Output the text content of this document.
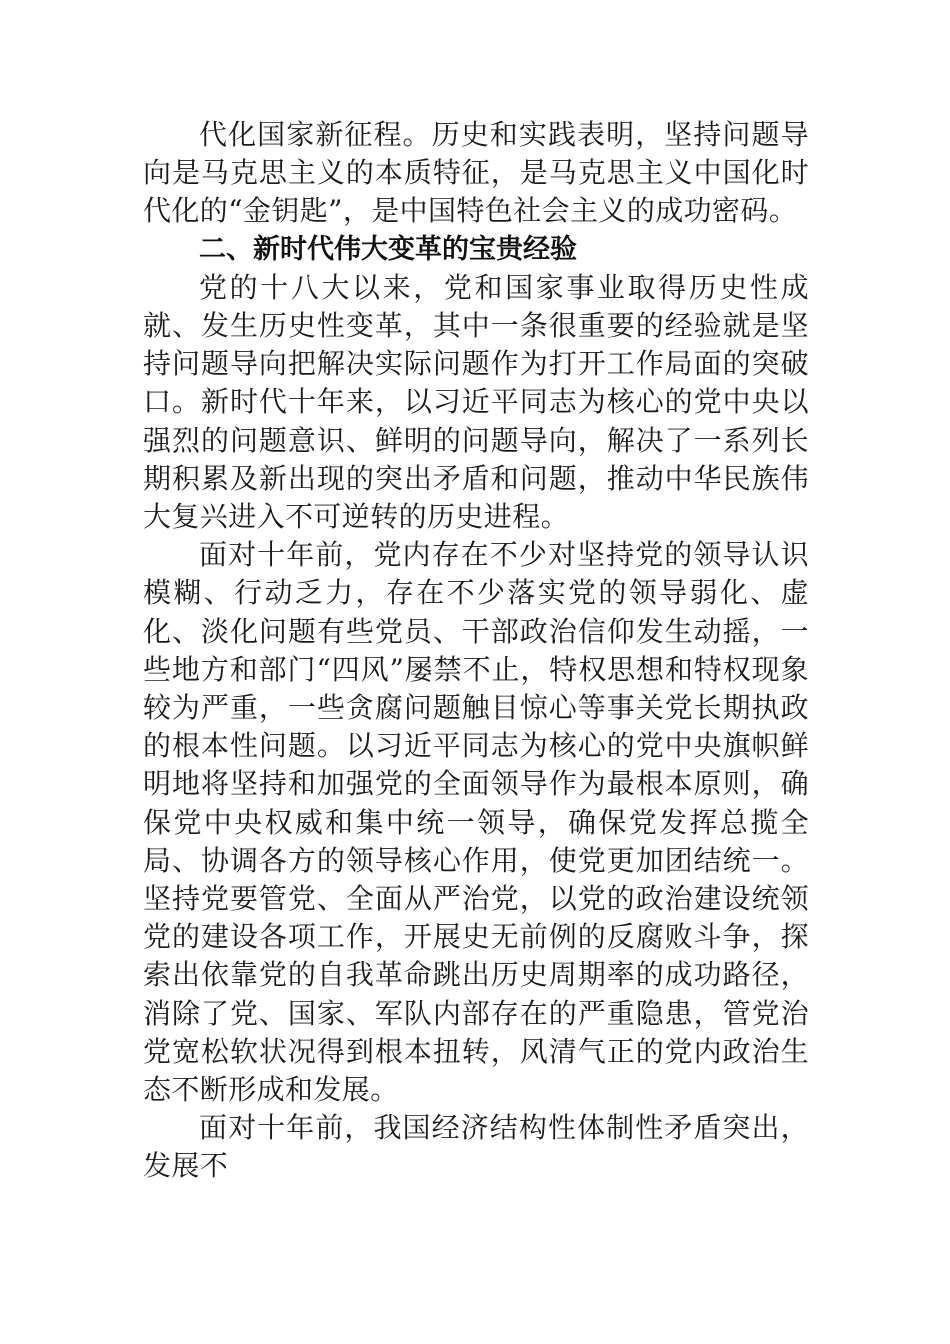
代化国家新征程。历史和实践表明，坚持问题导向是马克思主义的本质特征，是马克思主义中国化时代化的“金钥匙”，是中国特色社会主义的成功密码。

二、新时代伟大变革的宝贵经验

党的十八大以来，党和国家事业取得历史性成就、发生历史性变革，其中一条很重要的经验就是坚持问题导向把解决实际问题作为打开工作局面的突破口。新时代十年来，以习近平同志为核心的党中央以强烈的问题意识、鲜明的问题导向，解决了一系列长期积累及新出现的突出矛盾和问题，推动中华民族伟大复兴进入不可逆转的历史进程。

面对十年前，党内存在不少对坚持党的领导认识模糊、行动乏力，存在不少落实党的领导弱化、虚化、淡化问题有些党员、干部政治信仰发生动摇，一些地方和部门“四风”屡禁不止，特权思想和特权现象较为严重，一些贪腐问题触目惊心等事关党长期执政的根本性问题。以习近平同志为核心的党中央旗帜鲜明地将坚持和加强党的全面领导作为最根本原则，确保党中央权威和集中统一领导，确保党发挥总揽全局、协调各方的领导核心作用，使党更加团结统一。坚持党要管党、全面从严治党，以党的政治建设统领党的建设各项工作，开展史无前例的反腐败斗争，探索出依靠党的自我革命跳出历史周期率的成功路径，消除了党、国家、军队内部存在的严重隐患，管党治党宽松软状况得到根本扭转，风清气正的党内政治生态不断形成和发展。

面对十年前，我国经济结构性体制性矛盾突出，发展不
